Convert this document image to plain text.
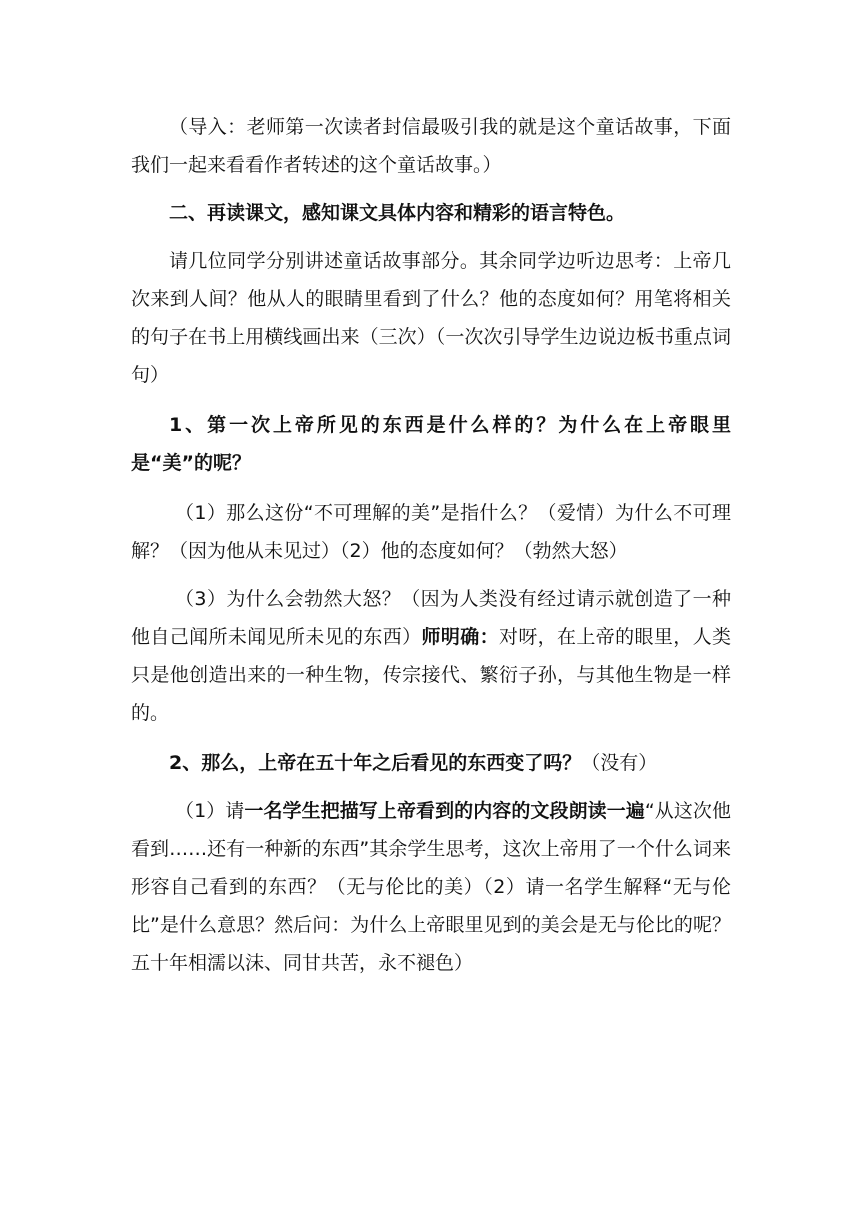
（导入：老师第一次读者封信最吸引我的就是这个童话故事，下面我们一起来看看作者转述的这个童话故事。）

二、再读课文，感知课文具体内容和精彩的语言特色。

请几位同学分别讲述童话故事部分。其余同学边听边思考：上帝几次来到人间？他从人的眼睛里看到了什么？他的态度如何？用笔将相关的句子在书上用横线画出来（三次）（一次次引导学生边说边板书重点词句）

1、第一次上帝所见的东西是什么样的？为什么在上帝眼里是“美”的呢？

（1）那么这份“不可理解的美”是指什么？（爱情）为什么不可理解？（因为他从未见过）（2）他的态度如何？（勃然大怒）

（3）为什么会勃然大怒？（因为人类没有经过请示就创造了一种他自己闻所未闻见所未见的东西）师明确：对呀，在上帝的眼里，人类只是他创造出来的一种生物，传宗接代、繁衍子孙，与其他生物是一样的。

2、那么，上帝在五十年之后看见的东西变了吗？（没有）

（1）请一名学生把描写上帝看到的内容的文段朗读一遍“从这次他看到……还有一种新的东西”其余学生思考，这次上帝用了一个什么词来形容自己看到的东西？（无与伦比的美）（2）请一名学生解释“无与伦比”是什么意思？然后问：为什么上帝眼里见到的美会是无与伦比的呢？五十年相濡以沫、同甘共苦，永不褪色）
